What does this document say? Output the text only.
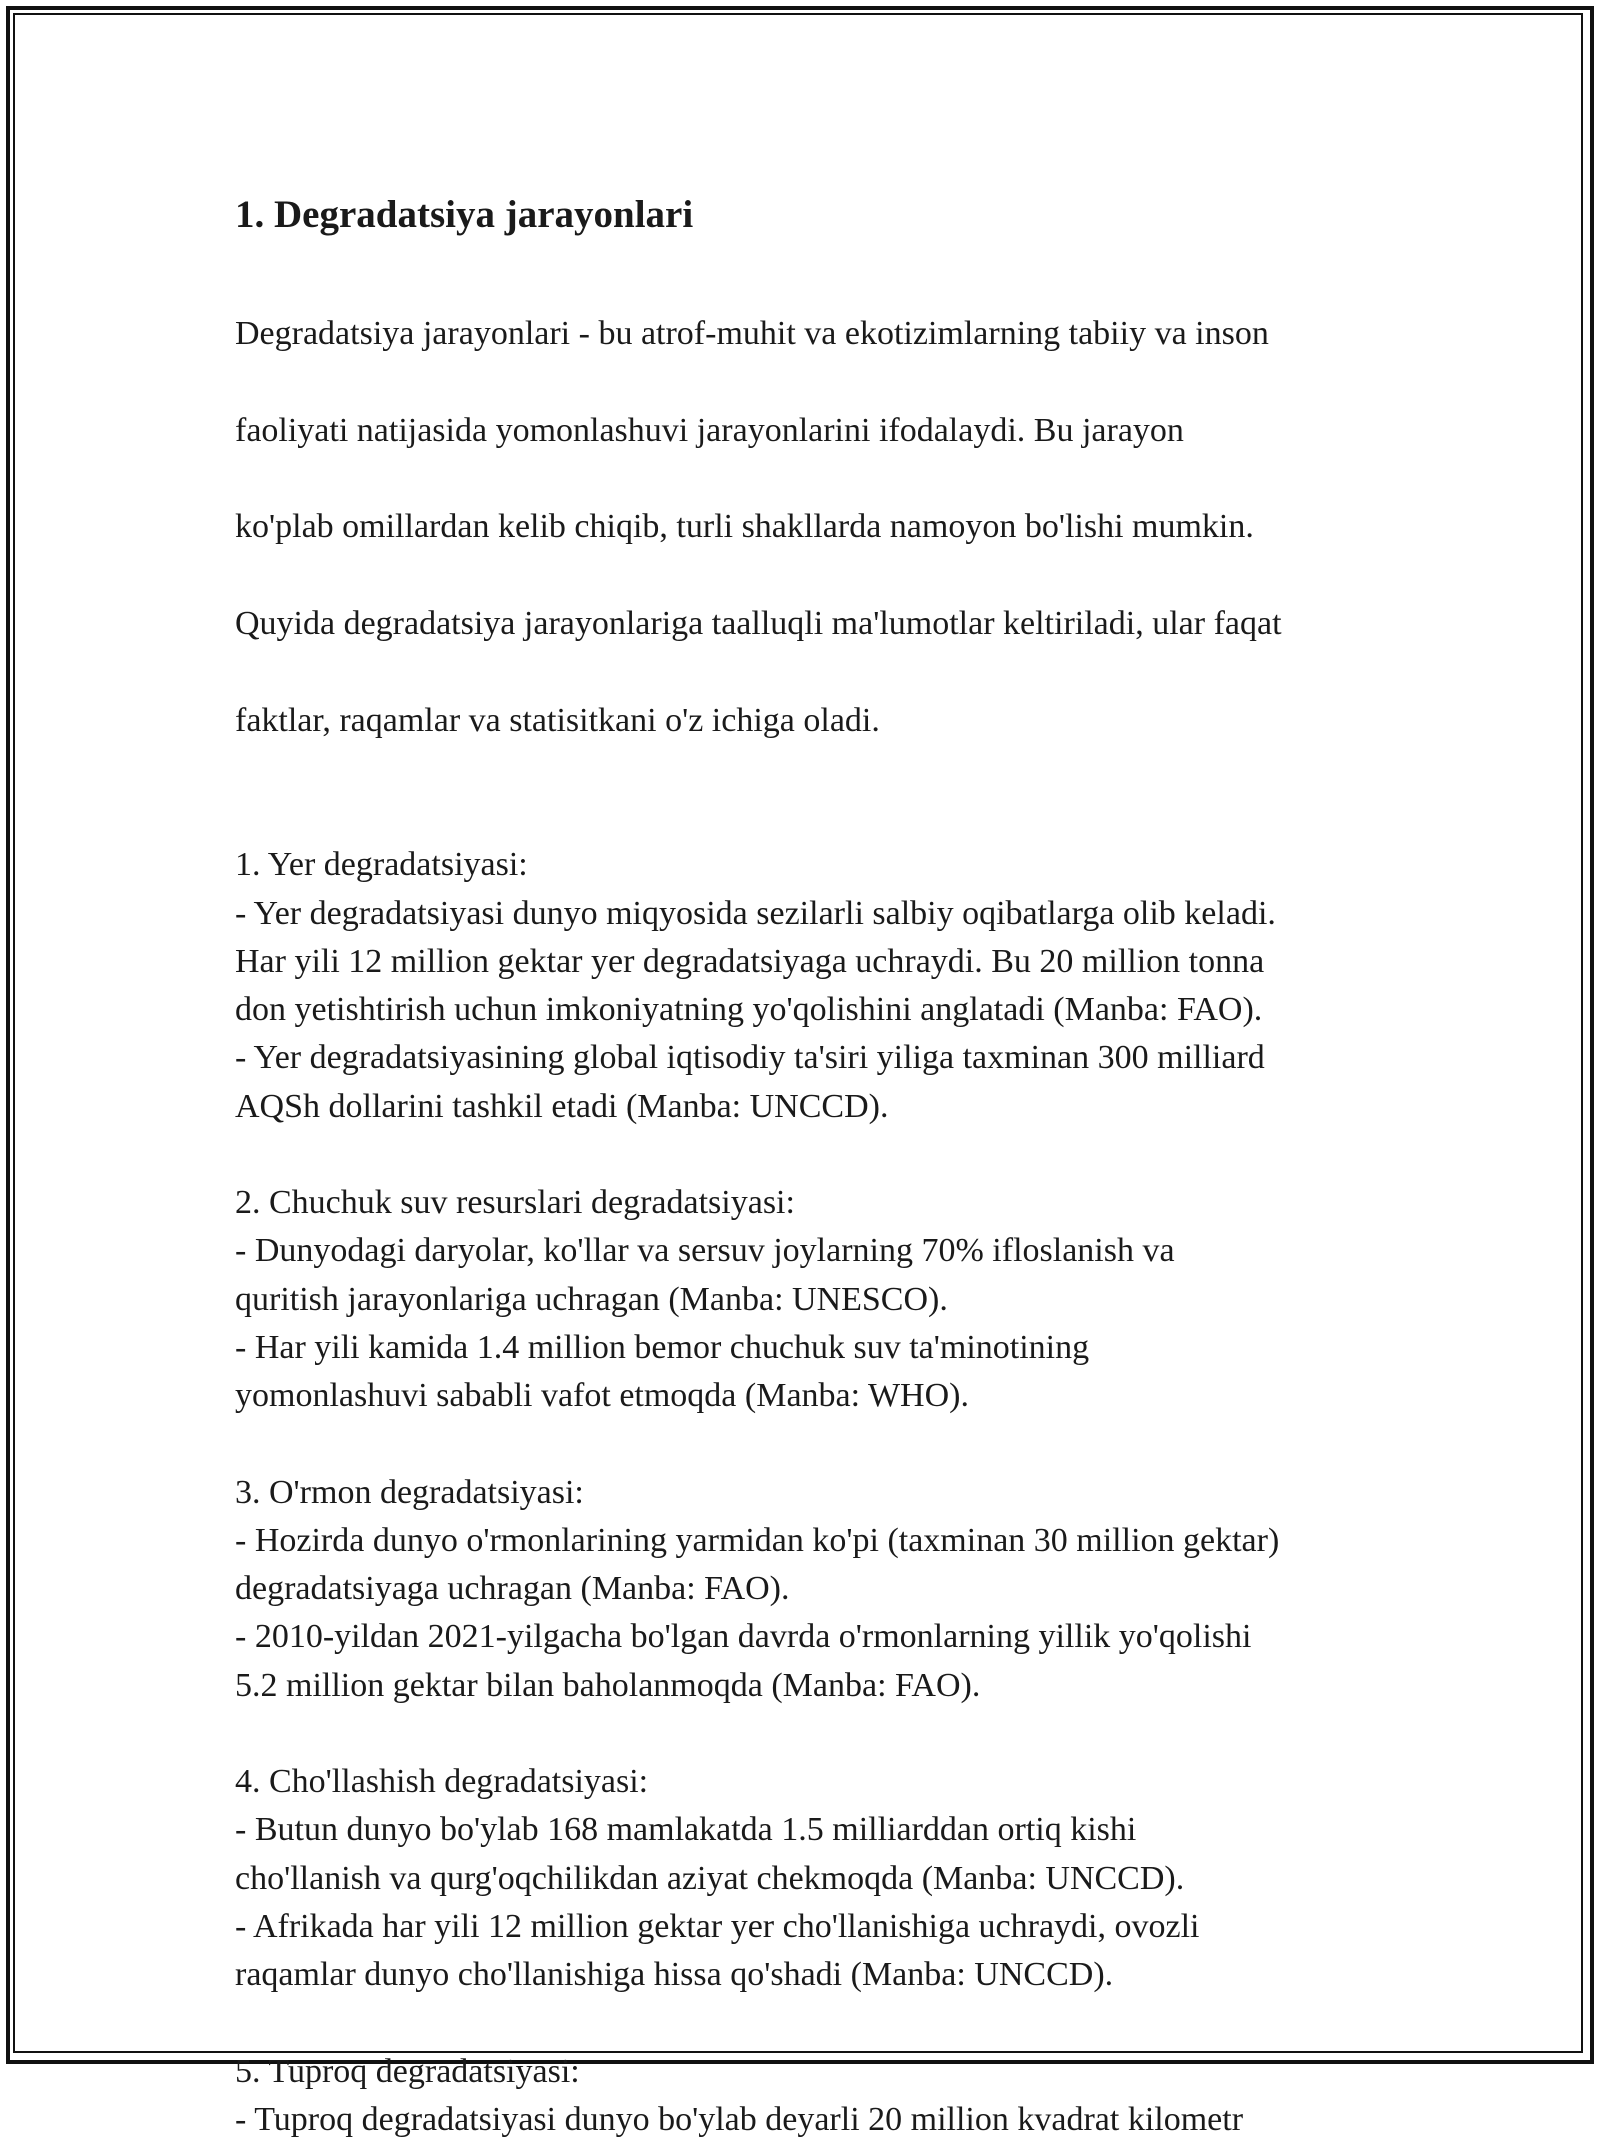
1. Degradatsiya jarayonlari

Degradatsiya jarayonlari - bu atrof-muhit va ekotizimlarning tabiiy va inson

faoliyati natijasida yomonlashuvi jarayonlarini ifodalaydi. Bu jarayon

ko'plab omillardan kelib chiqib, turli shakllarda namoyon bo'lishi mumkin.

Quyida degradatsiya jarayonlariga taalluqli ma'lumotlar keltiriladi, ular faqat

faktlar, raqamlar va statisitkani o'z ichiga oladi.

1. Yer degradatsiyasi:
- Yer degradatsiyasi dunyo miqyosida sezilarli salbiy oqibatlarga olib keladi.
Har yili 12 million gektar yer degradatsiyaga uchraydi. Bu 20 million tonna
don yetishtirish uchun imkoniyatning yo'qolishini anglatadi (Manba: FAO).
- Yer degradatsiyasining global iqtisodiy ta'siri yiliga taxminan 300 milliard
AQSh dollarini tashkil etadi (Manba: UNCCD).
2. Chuchuk suv resurslari degradatsiyasi:
- Dunyodagi daryolar, ko'llar va sersuv joylarning 70% ifloslanish va
quritish jarayonlariga uchragan (Manba: UNESCO).
- Har yili kamida 1.4 million bemor chuchuk suv ta'minotining
yomonlashuvi sababli vafot etmoqda (Manba: WHO).
3. O'rmon degradatsiyasi:
- Hozirda dunyo o'rmonlarining yarmidan ko'pi (taxminan 30 million gektar)
degradatsiyaga uchragan (Manba: FAO).
- 2010-yildan 2021-yilgacha bo'lgan davrda o'rmonlarning yillik yo'qolishi
5.2 million gektar bilan baholanmoqda (Manba: FAO).
4. Cho'llashish degradatsiyasi:
- Butun dunyo bo'ylab 168 mamlakatda 1.5 milliarddan ortiq kishi
cho'llanish va qurg'oqchilikdan aziyat chekmoqda (Manba: UNCCD).
- Afrikada har yili 12 million gektar yer cho'llanishiga uchraydi, ovozli
raqamlar dunyo cho'llanishiga hissa qo'shadi (Manba: UNCCD).
5. Tuproq degradatsiyasi:
- Tuproq degradatsiyasi dunyo bo'ylab deyarli 20 million kvadrat kilometr
